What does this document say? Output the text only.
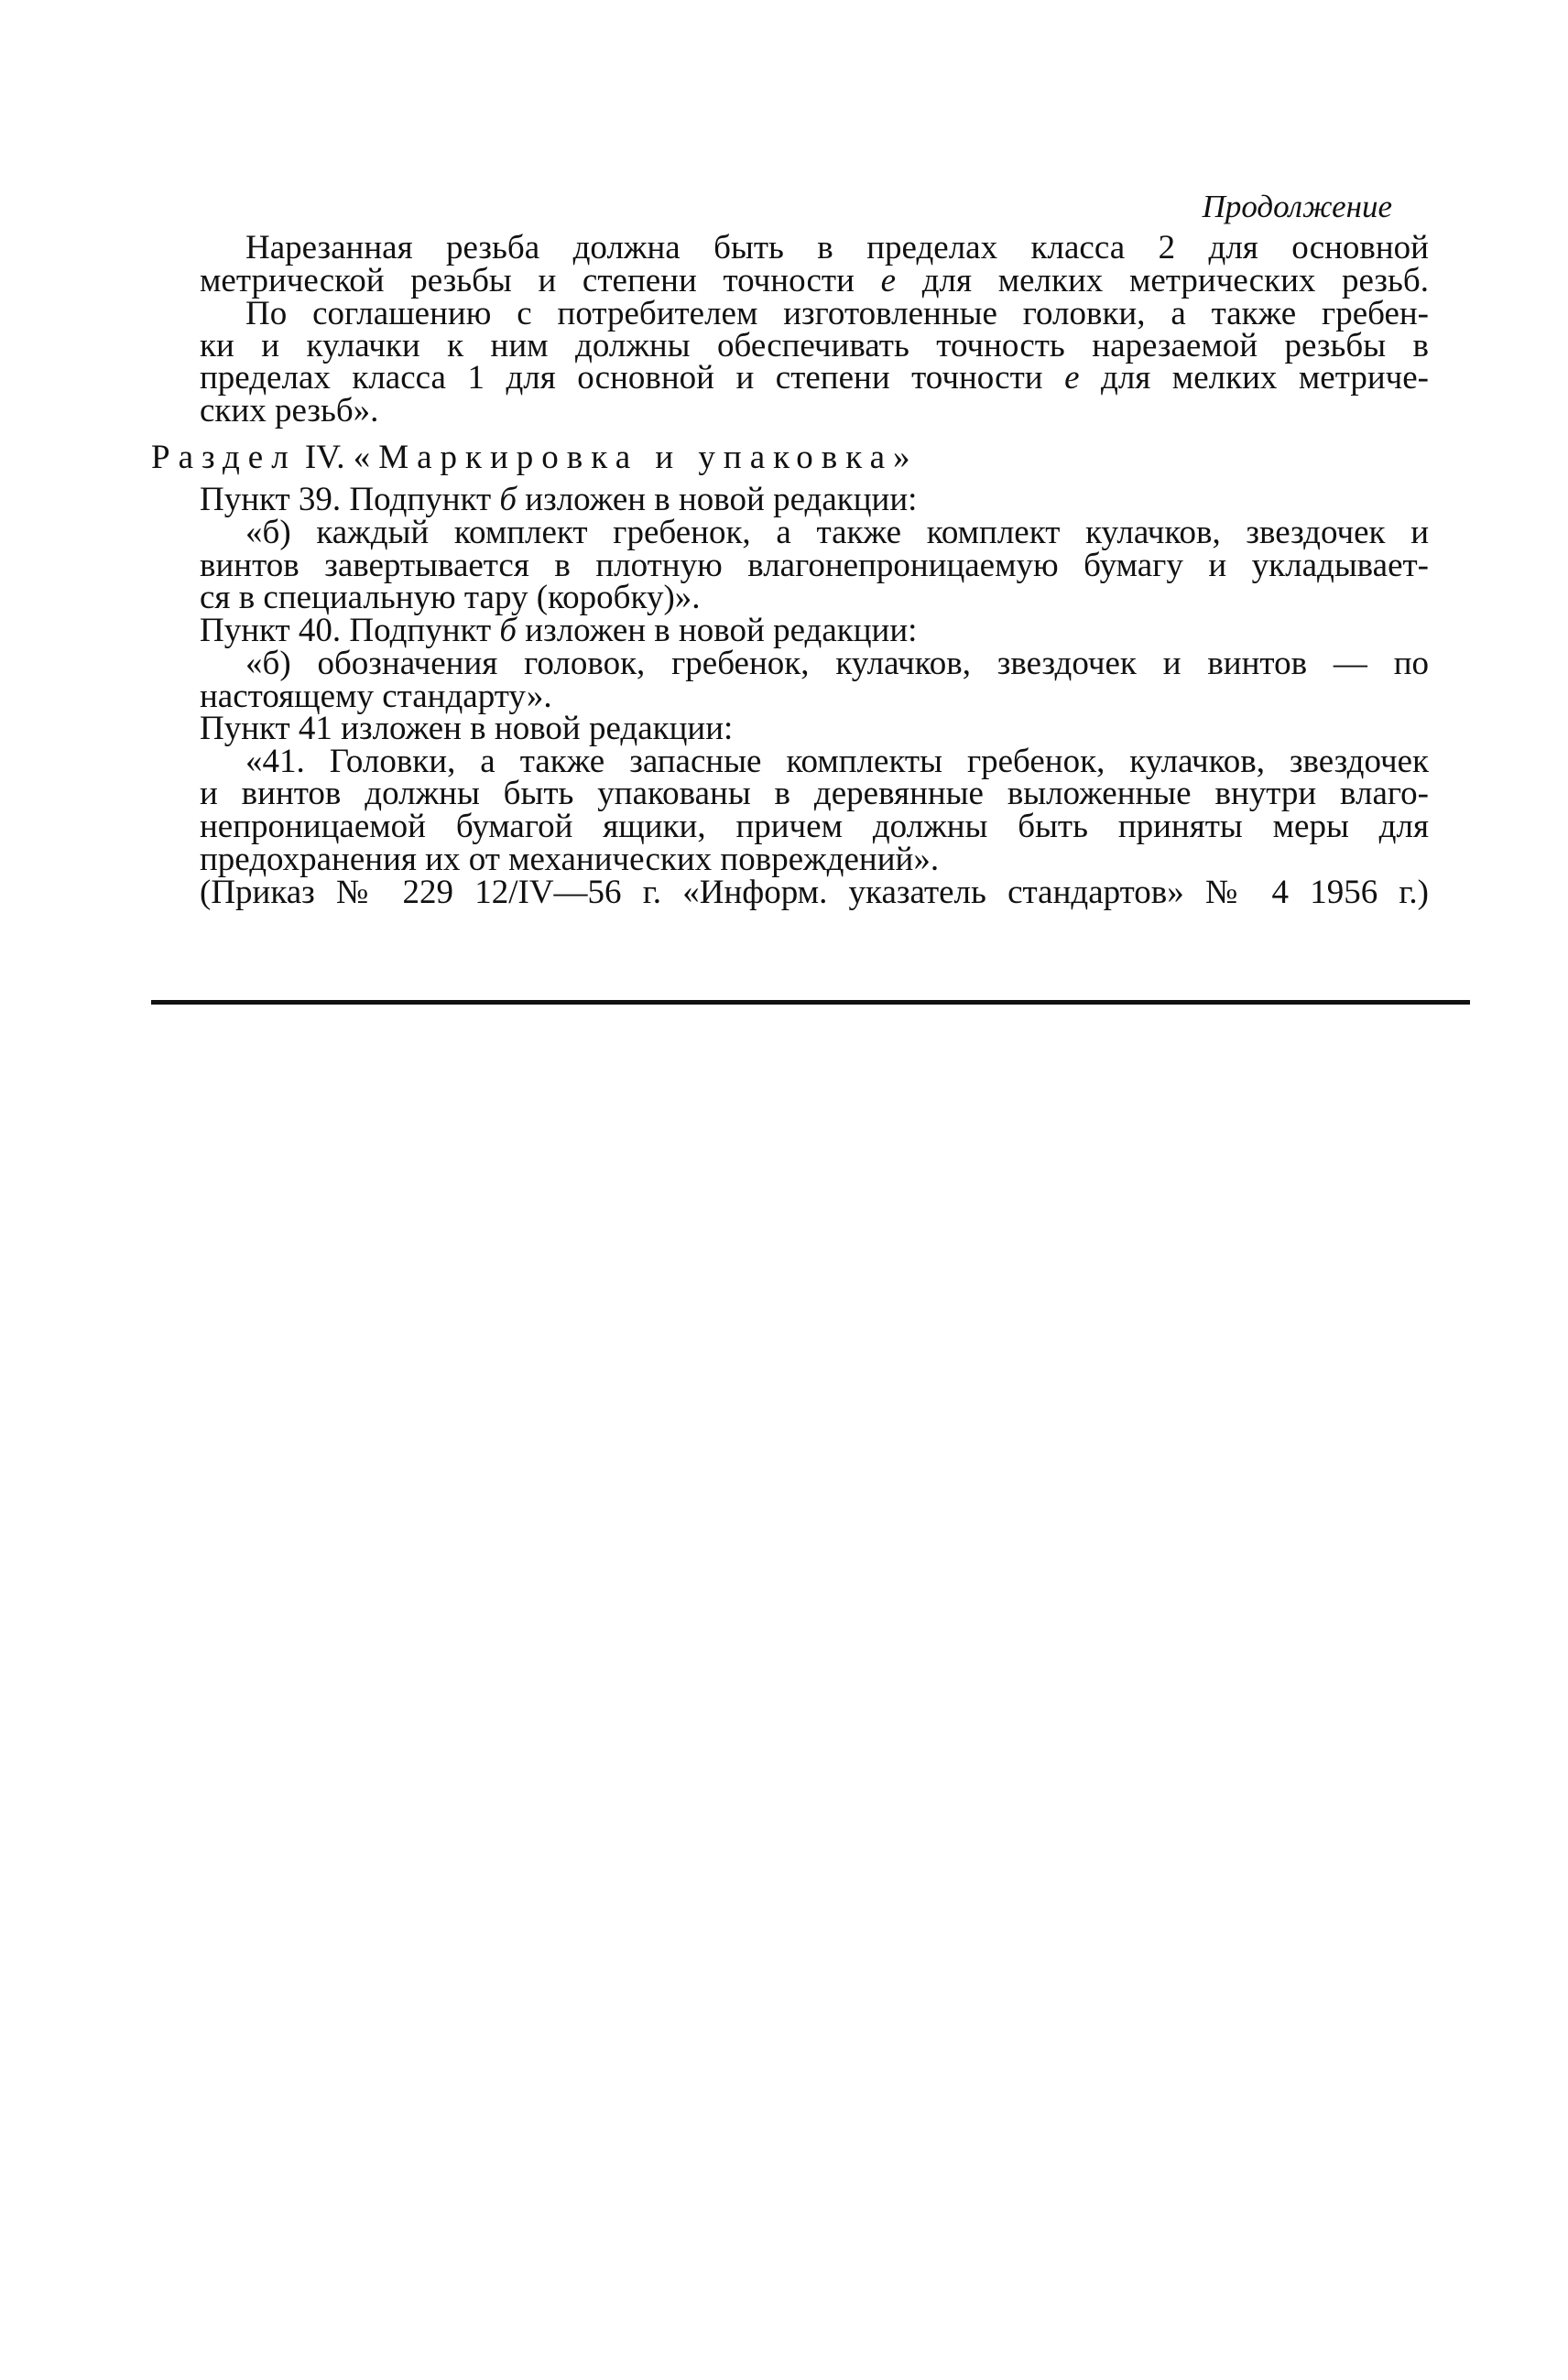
Продолжение
Нарезанная резьба должна быть в пределах класса 2 для основной
метрической резьбы и степени точности е для мелких метрических резьб.
По соглашению с потребителем изготовленные головки, а также гребен-
ки и кулачки к ним должны обеспечивать точность нарезаемой резьбы в
пределах класса 1 для основной и степени точности е для мелких метриче-
ских резьб».
Раздел IV. «Маркировка и упаковка»
Пункт 39. Подпункт б изложен в новой редакции:
«б) каждый комплект гребенок, а также комплект кулачков, звездочек и
винтов завертывается в плотную влагонепроницаемую бумагу и укладывает-
ся в специальную тару (коробку)».
Пункт 40. Подпункт б изложен в новой редакции:
«б) обозначения головок, гребенок, кулачков, звездочек и винтов — по
настоящему стандарту».
Пункт 41 изложен в новой редакции:
«41. Головки, а также запасные комплекты гребенок, кулачков, звездочек
и винтов должны быть упакованы в деревянные выложенные внутри влаго-
непроницаемой бумагой ящики, причем должны быть приняты меры для
предохранения их от механических повреждений».
(Приказ № 229 12/IV—56 г. «Информ. указатель стандартов» № 4 1956 г.)
